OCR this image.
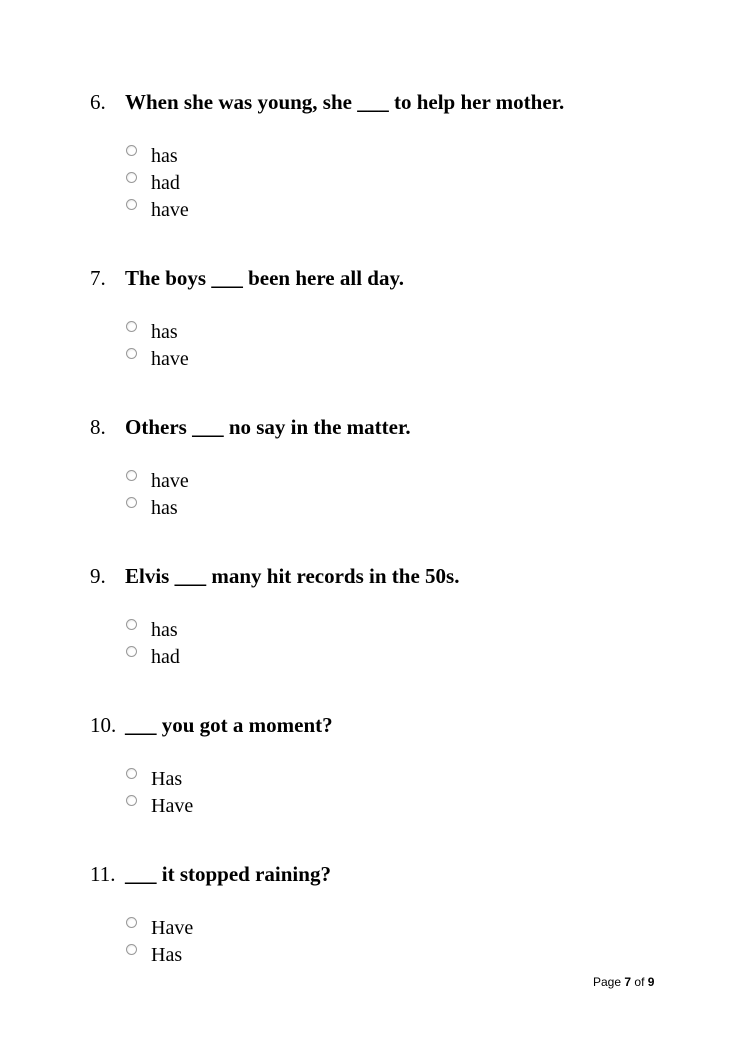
6. When she was young, she ___ to help her mother.
has
had
have
7. The boys ___ been here all day.
has
have
8. Others ___ no say in the matter.
have
has
9. Elvis ___ many hit records in the 50s.
has
had
10. ___ you got a moment?
Has
Have
11. ___ it stopped raining?
Have
Has
Page 7 of 9
